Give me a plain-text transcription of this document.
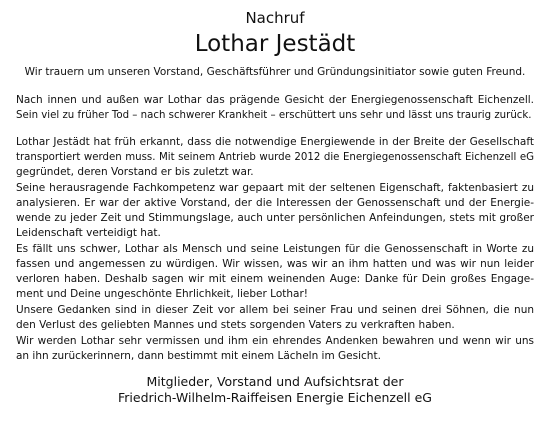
Nachruf
Lothar Jestädt
Wir trauern um unseren Vorstand, Geschäftsführer und Gründungsinitiator sowie guten Freund.
Nach innen und außen war Lothar das prägende Gesicht der Energiegenossenschaft Eichenzell.
Sein viel zu früher Tod – nach schwerer Krankheit – erschüttert uns sehr und lässt uns traurig zurück.
Lothar Jestädt hat früh erkannt, dass die notwendige Energiewende in der Breite der Gesellschaft
transportiert werden muss. Mit seinem Antrieb wurde 2012 die Energiegenossenschaft Eichenzell eG
gegründet, deren Vorstand er bis zuletzt war.
Seine herausragende Fachkompetenz war gepaart mit der seltenen Eigenschaft, faktenbasiert zu
analysieren. Er war der aktive Vorstand, der die Interessen der Genossenschaft und der Energie-
wende zu jeder Zeit und Stimmungslage, auch unter persönlichen Anfeindungen, stets mit großer
Leidenschaft verteidigt hat.
Es fällt uns schwer, Lothar als Mensch und seine Leistungen für die Genossenschaft in Worte zu
fassen und angemessen zu würdigen. Wir wissen, was wir an ihm hatten und was wir nun leider
verloren haben. Deshalb sagen wir mit einem weinenden Auge: Danke für Dein großes Engage-
ment und Deine ungeschönte Ehrlichkeit, lieber Lothar!
Unsere Gedanken sind in dieser Zeit vor allem bei seiner Frau und seinen drei Söhnen, die nun
den Verlust des geliebten Mannes und stets sorgenden Vaters zu verkraften haben.
Wir werden Lothar sehr vermissen und ihm ein ehrendes Andenken bewahren und wenn wir uns
an ihn zurückerinnern, dann bestimmt mit einem Lächeln im Gesicht.
Mitglieder, Vorstand und Aufsichtsrat der
Friedrich-Wilhelm-Raiffeisen Energie Eichenzell eG
